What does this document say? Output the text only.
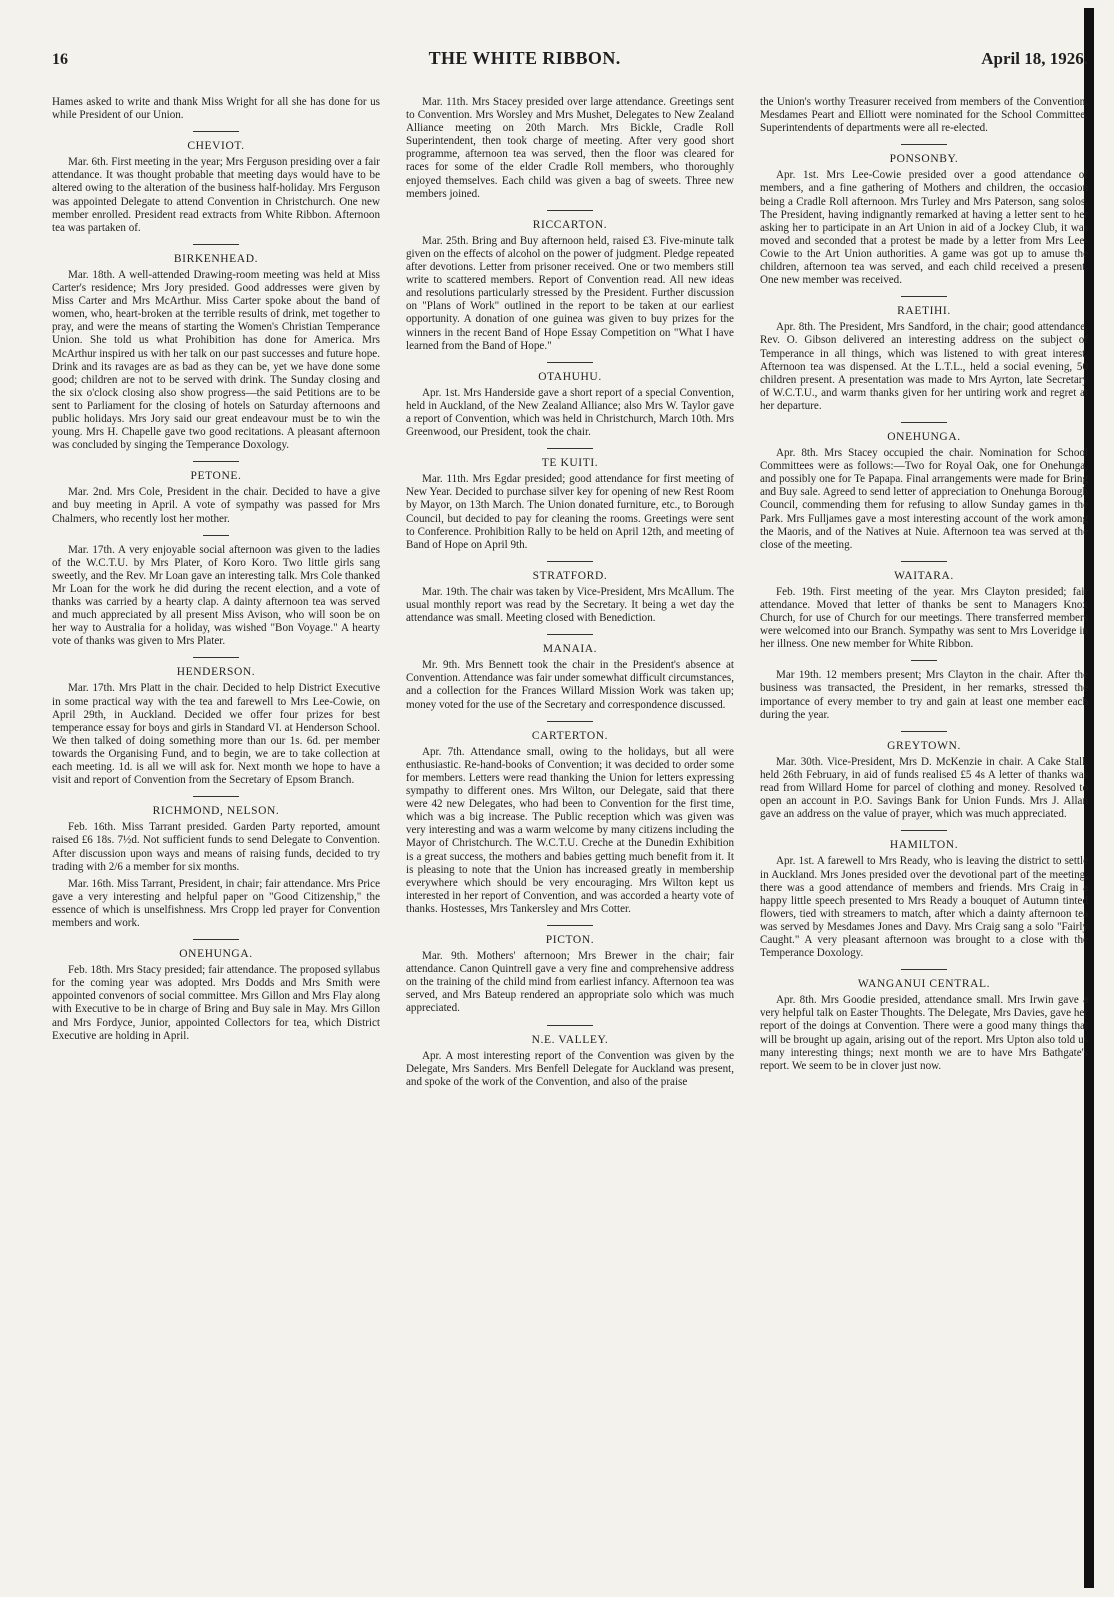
16	THE WHITE RIBBON.	April 18, 1926.

Hames asked to write and thank Miss Wright for all she has done for us while President of our Union.

CHEVIOT.

Mar. 6th. First meeting in the year; Mrs Ferguson presiding over a fair attendance. It was thought probable that meeting days would have to be altered owing to the alteration of the business half-holiday. Mrs Ferguson was appointed Delegate to attend Convention in Christchurch. One new member enrolled. President read extracts from White Ribbon. Afternoon tea was partaken of.

BIRKENHEAD.

Mar. 18th. A well-attended Drawing-room meeting was held at Miss Carter's residence; Mrs Jory presided. Good addresses were given by Miss Carter and Mrs McArthur. Miss Carter spoke about the band of women, who, heart-broken at the terrible results of drink, met together to pray, and were the means of starting the Women's Christian Temperance Union. She told us what Prohibition has done for America. Mrs McArthur inspired us with her talk on our past successes and future hope. Drink and its ravages are as bad as they can be, yet we have done some good; children are not to be served with drink. The Sunday closing and the six o'clock closing also show progress—the said Petitions are to be sent to Parliament for the closing of hotels on Saturday afternoons and public holidays. Mrs Jory said our great endeavour must be to win the young. Mrs H. Chapelle gave two good recitations. A pleasant afternoon was concluded by singing the Temperance Doxology.

PETONE.

Mar. 2nd. Mrs Cole, President in the chair. Decided to have a give and buy meeting in April. A vote of sympathy was passed for Mrs Chalmers, who recently lost her mother.

Mar. 17th. A very enjoyable social afternoon was given to the ladies of the W.C.T.U. by Mrs Plater, of Koro Koro. Two little girls sang sweetly, and the Rev. Mr Loan gave an interesting talk. Mrs Cole thanked Mr Loan for the work he did during the recent election, and a vote of thanks was carried by a hearty clap. A dainty afternoon tea was served and much appreciated by all present Miss Avison, who will soon be on her way to Australia for a holiday, was wished "Bon Voyage." A hearty vote of thanks was given to Mrs Plater.

HENDERSON.

Mar. 17th. Mrs Platt in the chair. Decided to help District Executive in some practical way with the tea and farewell to Mrs Lee-Cowie, on April 29th, in Auckland. Decided we offer four prizes for best temperance essay for boys and girls in Standard VI. at Henderson School. We then talked of doing something more than our 1s. 6d. per member towards the Organising Fund, and to begin, we are to take collection at each meeting. 1d. is all we will ask for. Next month we hope to have a visit and report of Convention from the Secretary of Epsom Branch.

RICHMOND, NELSON.

Feb. 16th. Miss Tarrant presided. Garden Party reported, amount raised £6 18s. 7½d. Not sufficient funds to send Delegate to Convention. After discussion upon ways and means of raising funds, decided to try trading with 2/6 a member for six months.

Mar. 16th. Miss Tarrant, President, in chair; fair attendance. Mrs Price gave a very interesting and helpful paper on "Good Citizenship," the essence of which is unselfishness. Mrs Cropp led prayer for Convention members and work.

ONEHUNGA.

Feb. 18th. Mrs Stacy presided; fair attendance. The proposed syllabus for the coming year was adopted. Mrs Dodds and Mrs Smith were appointed convenors of social committee. Mrs Gillon and Mrs Flay along with Executive to be in charge of Bring and Buy sale in May. Mrs Gillon and Mrs Fordyce, Junior, appointed Collectors for tea, which District Executive are holding in April.

Mar. 11th. Mrs Stacey presided over large attendance. Greetings sent to Convention. Mrs Worsley and Mrs Mushet, Delegates to New Zealand Alliance meeting on 20th March. Mrs Bickle, Cradle Roll Superintendent, then took charge of meeting. After very good short programme, afternoon tea was served, then the floor was cleared for races for some of the elder Cradle Roll members, who thoroughly enjoyed themselves. Each child was given a bag of sweets. Three new members joined.

RICCARTON.

Mar. 25th. Bring and Buy afternoon held, raised £3. Five-minute talk given on the effects of alcohol on the power of judgment. Pledge repeated after devotions. Letter from prisoner received. One or two members still write to scattered members. Report of Convention read. All new ideas and resolutions particularly stressed by the President. Further discussion on "Plans of Work" outlined in the report to be taken at our earliest opportunity. A donation of one guinea was given to buy prizes for the winners in the recent Band of Hope Essay Competition on "What I have learned from the Band of Hope."

OTAHUHU.

Apr. 1st. Mrs Handerside gave a short report of a special Convention, held in Auckland, of the New Zealand Alliance; also Mrs W. Taylor gave a report of Convention, which was held in Christchurch, March 10th. Mrs Greenwood, our President, took the chair.

TE KUITI.

Mar. 11th. Mrs Egdar presided; good attendance for first meeting of New Year. Decided to purchase silver key for opening of new Rest Room by Mayor, on 13th March. The Union donated furniture, etc., to Borough Council, but decided to pay for cleaning the rooms. Greetings were sent to Conference. Prohibition Rally to be held on April 12th, and meeting of Band of Hope on April 9th.

STRATFORD.

Mar. 19th. The chair was taken by Vice-President, Mrs McAllum. The usual monthly report was read by the Secretary. It being a wet day the attendance was small. Meeting closed with Benediction.

MANAIA.

Mr. 9th. Mrs Bennett took the chair in the President's absence at Convention. Attendance was fair under somewhat difficult circumstances, and a collection for the Frances Willard Mission Work was taken up; money voted for the use of the Secretary and correspondence discussed.

CARTERTON.

Apr. 7th. Attendance small, owing to the holidays, but all were enthusiastic. Re-hand-books of Convention; it was decided to order some for members. Letters were read thanking the Union for letters expressing sympathy to different ones. Mrs Wilton, our Delegate, said that there were 42 new Delegates, who had been to Convention for the first time, which was a big increase. The Public reception which was given was very interesting and was a warm welcome by many citizens including the Mayor of Christchurch. The W.C.T.U. Creche at the Dunedin Exhibition is a great success, the mothers and babies getting much benefit from it. It is pleasing to note that the Union has increased greatly in membership everywhere which should be very encouraging. Mrs Wilton kept us interested in her report of Convention, and was accorded a hearty vote of thanks. Hostesses, Mrs Tankersley and Mrs Cotter.

PICTON.

Mar. 9th. Mothers' afternoon; Mrs Brewer in the chair; fair attendance. Canon Quintrell gave a very fine and comprehensive address on the training of the child mind from earliest infancy. Afternoon tea was served, and Mrs Bateup rendered an appropriate solo which was much appreciated.

N.E. VALLEY.

Apr. A most interesting report of the Convention was given by the Delegate, Mrs Sanders. Mrs Benfell Delegate for Auckland was present, and spoke of the work of the Convention, and also of the praise

the Union's worthy Treasurer received from members of the Convention. Mesdames Peart and Elliott were nominated for the School Committee. Superintendents of departments were all re-elected.

PONSONBY.

Apr. 1st. Mrs Lee-Cowie presided over a good attendance of members, and a fine gathering of Mothers and children, the occasion being a Cradle Roll afternoon. Mrs Turley and Mrs Paterson, sang solos. The President, having indignantly remarked at having a letter sent to her asking her to participate in an Art Union in aid of a Jockey Club, it was moved and seconded that a protest be made by a letter from Mrs Lee-Cowie to the Art Union authorities. A game was got up to amuse the children, afternoon tea was served, and each child received a present. One new member was received.

RAETIHI.

Apr. 8th. The President, Mrs Sandford, in the chair; good attendance. Rev. O. Gibson delivered an interesting address on the subject of Temperance in all things, which was listened to with great interest. Afternoon tea was dispensed. At the L.T.L., held a social evening, 50 children present. A presentation was made to Mrs Ayrton, late Secretary of W.C.T.U., and warm thanks given for her untiring work and regret at her departure.

ONEHUNGA.

Apr. 8th. Mrs Stacey occupied the chair. Nomination for School Committees were as follows:—Two for Royal Oak, one for Onehunga, and possibly one for Te Papapa. Final arrangements were made for Bring and Buy sale. Agreed to send letter of appreciation to Onehunga Borough Council, commending them for refusing to allow Sunday games in the Park. Mrs Fulljames gave a most interesting account of the work among the Maoris, and of the Natives at Nuie. Afternoon tea was served at the close of the meeting.

WAITARA.

Feb. 19th. First meeting of the year. Mrs Clayton presided; fair attendance. Moved that letter of thanks be sent to Managers Knox Church, for use of Church for our meetings. There transferred members were welcomed into our Branch. Sympathy was sent to Mrs Loveridge in her illness. One new member for White Ribbon.

Mar 19th. 12 members present; Mrs Clayton in the chair. After the business was transacted, the President, in her remarks, stressed the importance of every member to try and gain at least one member each during the year.

GREYTOWN.

Mar. 30th. Vice-President, Mrs D. McKenzie in chair. A Cake Stall, held 26th February, in aid of funds realised £5 4s A letter of thanks was read from Willard Home for parcel of clothing and money. Resolved to open an account in P.O. Savings Bank for Union Funds. Mrs J. Allan gave an address on the value of prayer, which was much appreciated.

HAMILTON.

Apr. 1st. A farewell to Mrs Ready, who is leaving the district to settle in Auckland. Mrs Jones presided over the devotional part of the meeting, there was a good attendance of members and friends. Mrs Craig in a happy little speech presented to Mrs Ready a bouquet of Autumn tinted flowers, tied with streamers to match, after which a dainty afternoon tea was served by Mesdames Jones and Davy. Mrs Craig sang a solo "Fairly Caught." A very pleasant afternoon was brought to a close with the Temperance Doxology.

WANGANUI CENTRAL.

Apr. 8th. Mrs Goodie presided, attendance small. Mrs Irwin gave a very helpful talk on Easter Thoughts. The Delegate, Mrs Davies, gave her report of the doings at Convention. There were a good many things that will be brought up again, arising out of the report. Mrs Upton also told us many interesting things; next month we are to have Mrs Bathgate's report. We seem to be in clover just now.
